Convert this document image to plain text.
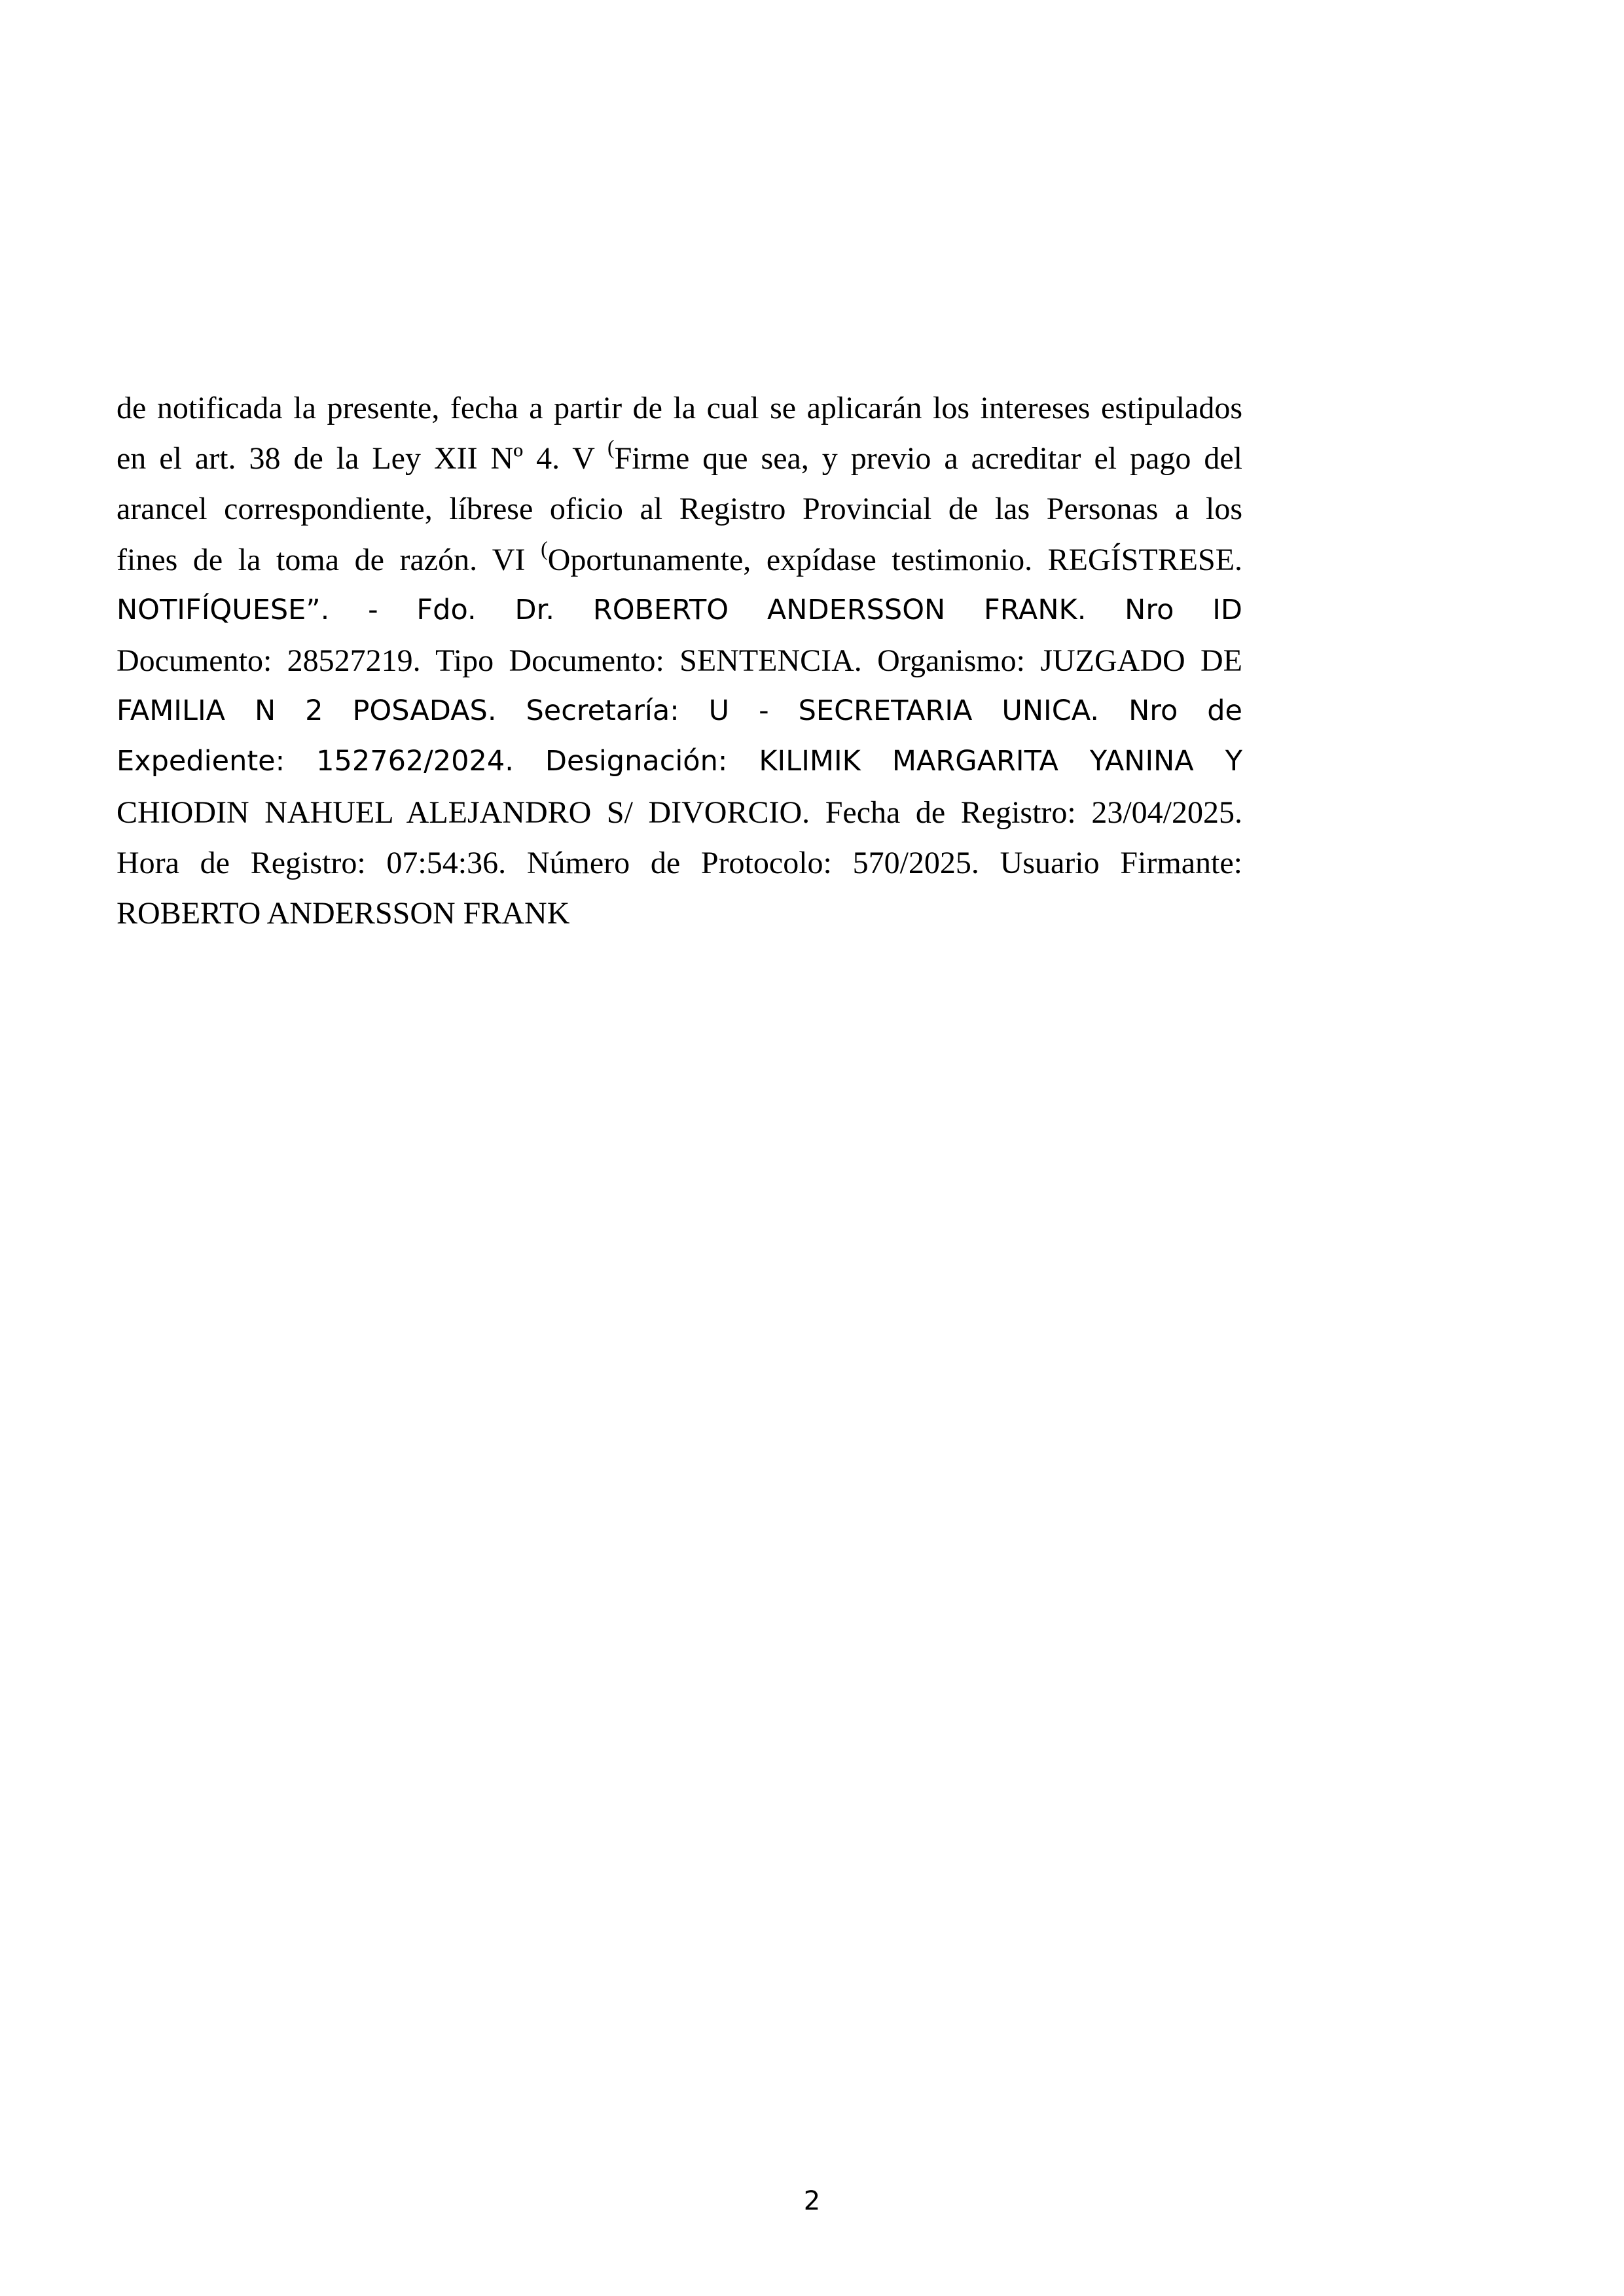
de notificada la presente, fecha a partir de la cual se aplicarán los intereses estipulados
en el art. 38 de la Ley XII Nº 4. V (Firme que sea, y previo a acreditar el pago del
arancel correspondiente, líbrese oficio al Registro Provincial de las Personas a los
fines de la toma de razón. VI (Oportunamente, expídase testimonio. REGÍSTRESE.
NOTIFÍQUESE”. - Fdo. Dr. ROBERTO ANDERSSON FRANK. Nro ID
Documento: 28527219. Tipo Documento: SENTENCIA. Organismo: JUZGADO DE
FAMILIA N 2 POSADAS. Secretaría: U - SECRETARIA UNICA. Nro de
Expediente: 152762/2024. Designación: KILIMIK MARGARITA YANINA Y
CHIODIN NAHUEL ALEJANDRO S/ DIVORCIO. Fecha de Registro: 23/04/2025.
Hora de Registro: 07:54:36. Número de Protocolo: 570/2025. Usuario Firmante:
ROBERTO ANDERSSON FRANK

2
